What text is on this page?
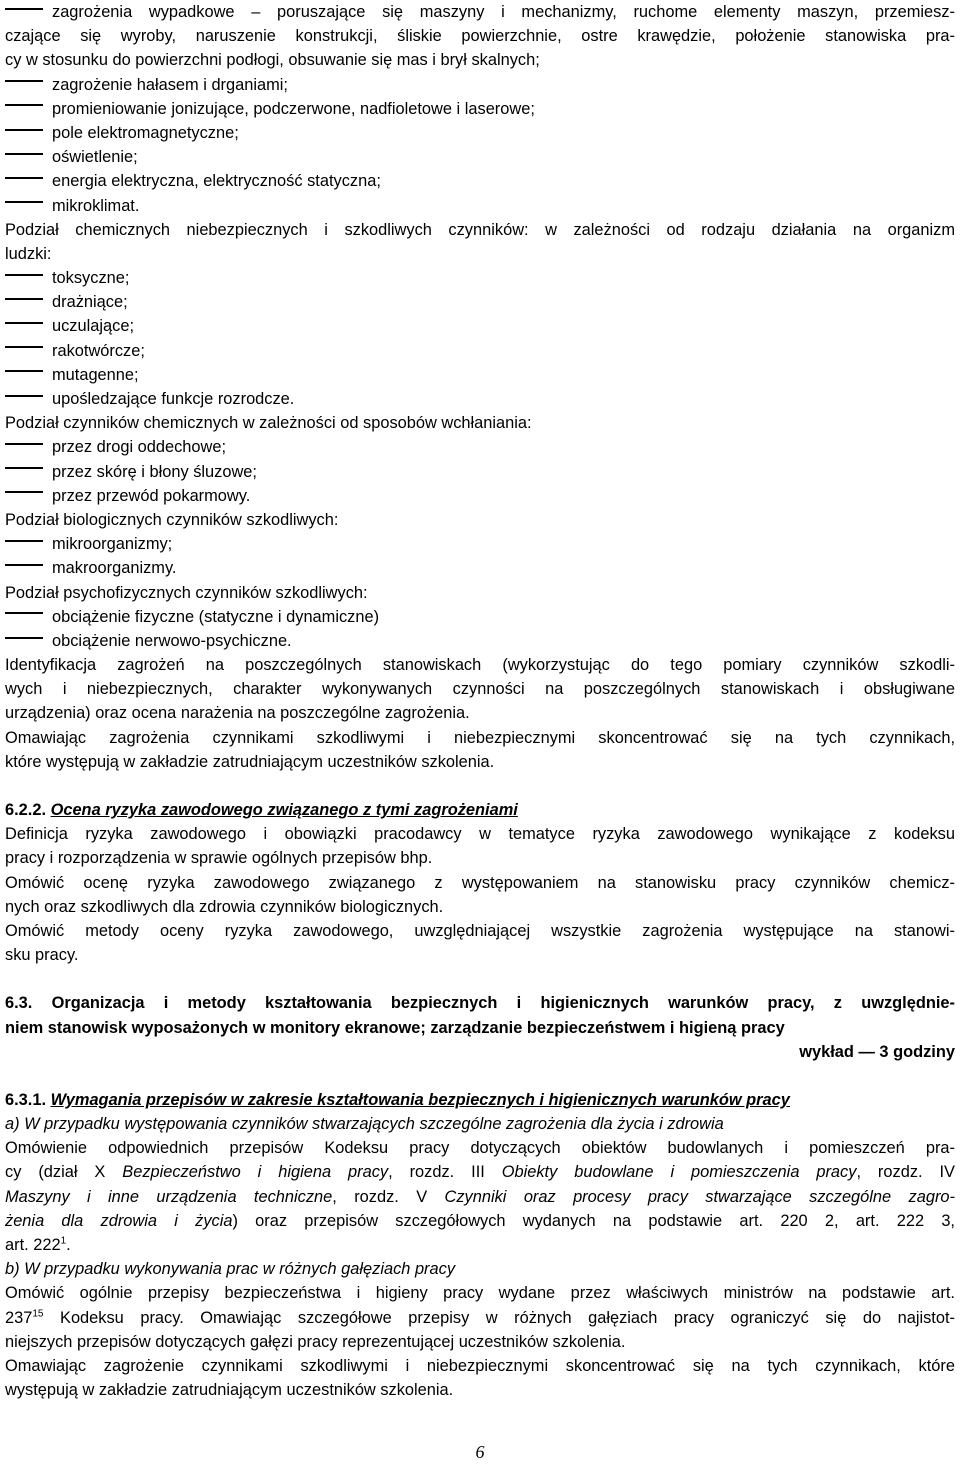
zagrożenia wypadkowe – poruszające się maszyny i mechanizmy, ruchome elementy maszyn, przemiesz-
czające się wyroby, naruszenie konstrukcji, śliskie powierzchnie, ostre krawędzie, położenie stanowiska pra-
cy w stosunku do powierzchni podłogi, obsuwanie się mas i brył skalnych;
zagrożenie hałasem i drganiami;
promieniowanie jonizujące, podczerwone, nadfioletowe i laserowe;
pole elektromagnetyczne;
oświetlenie;
energia elektryczna, elektryczność statyczna;
mikroklimat.
Podział chemicznych niebezpiecznych i szkodliwych czynników: w zależności od rodzaju działania na organizm
ludzki:
toksyczne;
drażniące;
uczulające;
rakotwórcze;
mutagenne;
upośledzające funkcje rozrodcze.
Podział czynników chemicznych w zależności od sposobów wchłaniania:
przez drogi oddechowe;
przez skórę i błony śluzowe;
przez przewód pokarmowy.
Podział biologicznych czynników szkodliwych:
mikroorganizmy;
makroorganizmy.
Podział psychofizycznych czynników szkodliwych:
obciążenie fizyczne (statyczne i dynamiczne)
obciążenie nerwowo-psychiczne.
Identyfikacja zagrożeń na poszczególnych stanowiskach (wykorzystując do tego pomiary czynników szkodli-
wych i niebezpiecznych, charakter wykonywanych czynności na poszczególnych stanowiskach i obsługiwane
urządzenia) oraz ocena narażenia na poszczególne zagrożenia.
Omawiając zagrożenia czynnikami szkodliwymi i niebezpiecznymi skoncentrować się na tych czynnikach,
które występują w zakładzie zatrudniającym uczestników szkolenia.
6.2.2. Ocena ryzyka zawodowego związanego z tymi zagrożeniami
Definicja ryzyka zawodowego i obowiązki pracodawcy w tematyce ryzyka zawodowego wynikające z kodeksu
pracy i rozporządzenia w sprawie ogólnych przepisów bhp.
Omówić ocenę ryzyka zawodowego związanego z występowaniem na stanowisku pracy czynników chemicz-
nych oraz szkodliwych dla zdrowia czynników biologicznych.
Omówić metody oceny ryzyka zawodowego, uwzględniającej wszystkie zagrożenia występujące na stanowi-
sku pracy.
6.3. Organizacja i metody kształtowania bezpiecznych i higienicznych warunków pracy, z uwzględnie-
niem stanowisk wyposażonych w monitory ekranowe; zarządzanie bezpieczeństwem i higieną pracy
wykład — 3 godziny
6.3.1. Wymagania przepisów w zakresie kształtowania bezpiecznych i higienicznych warunków pracy
a) W przypadku występowania czynników stwarzających szczególne zagrożenia dla życia i zdrowia
Omówienie odpowiednich przepisów Kodeksu pracy dotyczących obiektów budowlanych i pomieszczeń pra-
cy (dział X Bezpieczeństwo i higiena pracy, rozdz. III Obiekty budowlane i pomieszczenia pracy, rozdz. IV
Maszyny i inne urządzenia techniczne, rozdz. V Czynniki oraz procesy pracy stwarzające szczególne zagro-
żenia dla zdrowia i życia) oraz przepisów szczegółowych wydanych na podstawie art. 220 2, art. 222 3,
art. $222^1$.
b) W przypadku wykonywania prac w różnych gałęziach pracy
Omówić ogólnie przepisy bezpieczeństwa i higieny pracy wydane przez właściwych ministrów na podstawie art.
$237^{15}$ Kodeksu pracy. Omawiając szczegółowe przepisy w różnych gałęziach pracy ograniczyć się do najistot-
niejszych przepisów dotyczących gałęzi pracy reprezentującej uczestników szkolenia.
Omawiając zagrożenie czynnikami szkodliwymi i niebezpiecznymi skoncentrować się na tych czynnikach, które
występują w zakładzie zatrudniającym uczestników szkolenia.
6
